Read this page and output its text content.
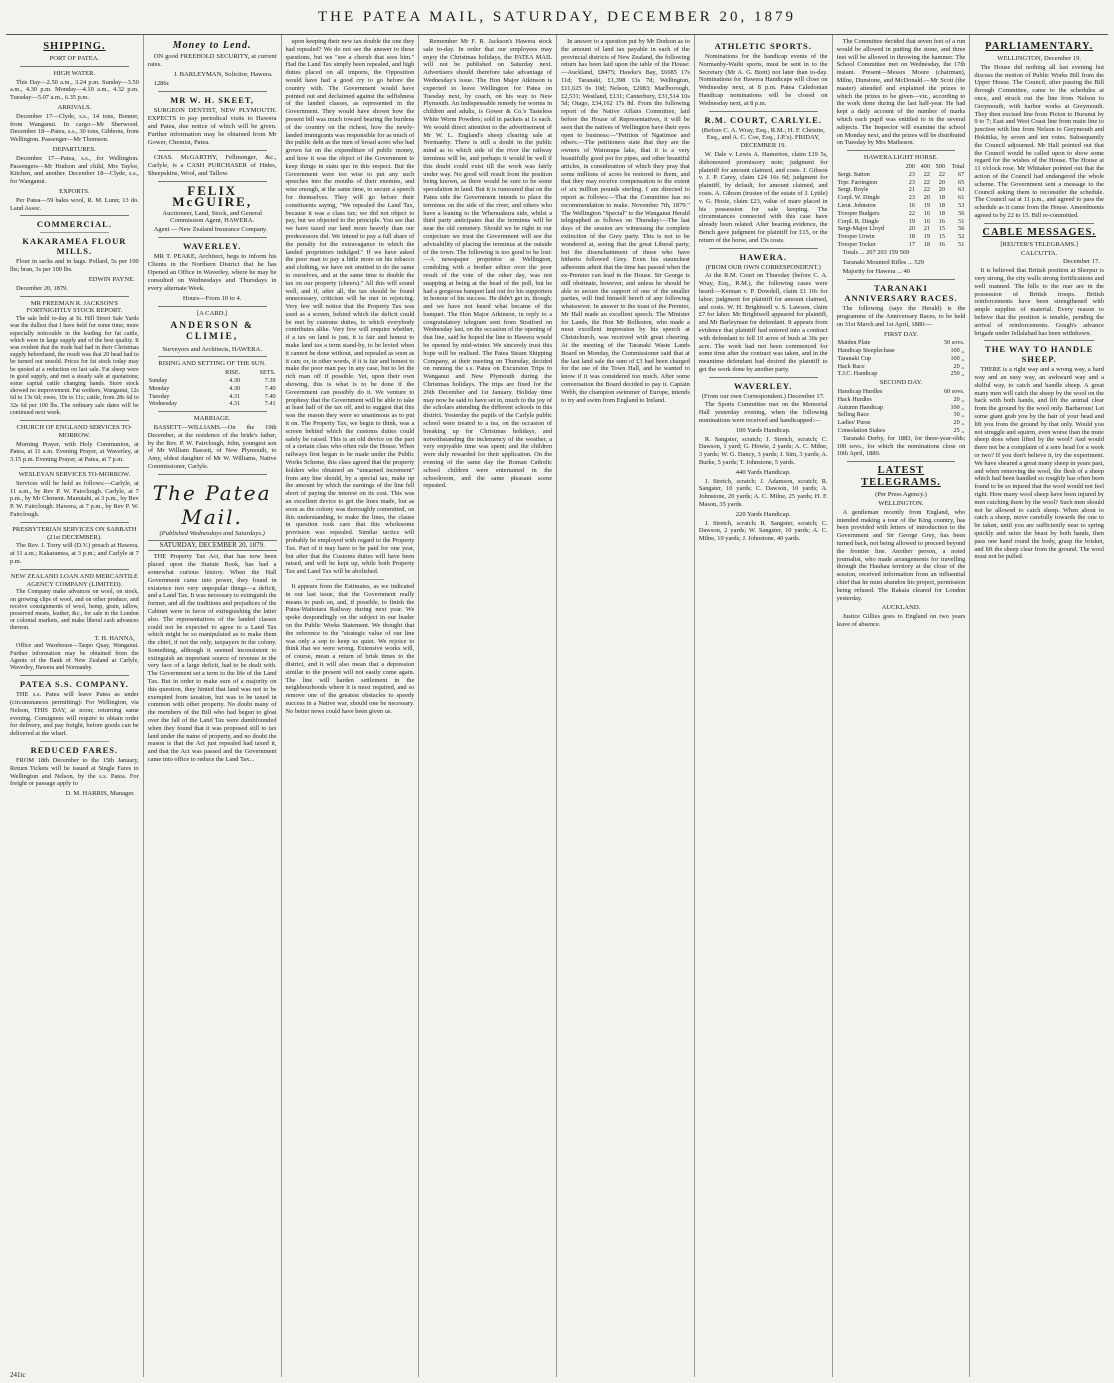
THE PATEA MAIL, SATURDAY, DECEMBER 20, 1879
SHIPPING.
PORT OF PATEA.
HIGH WATER.

This Day—2.50 a.m., 3.24 p.m. Sunday—3.50 a.m., 4.30 p.m. Monday—4.10 a.m., 4.32 p.m. Tuesday—5.07 a.m., 6.35 p.m.

ARRIVALS.

December 17—Clyde, s.s., 14 tons, Bonner, from Wanganui. In cargo—Mr Sherwood. December 18—Patea, s.s., 30 tons, Gibbons, from Wellington. Passenger—Mr Thomson.

DEPARTURES.

December 17—Patea, s.s., for Wellington. Passengers—Mr Hudson and child, Mrs Taylor, Kitchen, and another. December 18—Clyde, s.s., for Wanganui.

EXPORTS.

Per Patea—59 bales wool, R. M. Lunn; 13 do. Land Assoc.

COMMERCIAL.
KAKARAMEA FLOUR MILLS.

Flour in sacks and in bags. Pollard, 5s per 100 lbs; bran, 3s per 100 lbs.

EDWIN PAYNE.

December 20, 1879.

MR FREEMAN R. JACKSON'S FORTNIGHTLY STOCK REPORT.

The sale held to-day at St. Hill Street Sale Yards was the dullest that I have held for some time; more especially noticeable in the leading for fat cattle, which were in large supply and of the best quality. It was evident that the trade had had in their Christmas supply beforehand, the result was that 20 head had to be turned out unsold. Prices for fat stock today may be quoted at a reduction on last sale. Fat sheep were in good supply, and met a steady sale at quotations; some capital cattle changing hands. Store stock showed no improvement. Fat wethers, Wanganui, 12s 6d to 13s 6d; ewes, 10s to 11s; cattle, from 28s 6d to 32s 6d per 100 lbs. The ordinary sale dates will be continued next week.

CHURCH OF ENGLAND SERVICES TO-MORROW.

Morning Prayer, with Holy Communion, at Patea, at 11 a.m. Evening Prayer, at Waverley, at 3.15 p.m. Evening Prayer, at Patea, at 7 p.m.

WESLEYAN SERVICES TO-MORROW.

Services will be held as follows:—Carlyle, at 11 a.m., by Rev P. W. Fairclough. Carlyle, at 7 p.m., by Mr Clement. Manutahi, at 3 p.m., by Rev P. W. Fairclough. Hawera, at 7 p.m., by Rev P. W. Fairclough.

PRESBYTERIAN SERVICES ON SABBATH (21st DECEMBER).

The Rev. J. Torry will (D.V.) preach at Hawera, at 11 a.m.; Kakaramea, at 3 p.m.; and Carlyle at 7 p.m.

NEW ZEALAND LOAN AND MERCANTILE AGENCY COMPANY (LIMITED).

The Company make advances on wool, on stock, on growing clips of wool, and on other produce, and receive consignments of wool, hemp, grain, tallow, preserved meats, leather, &c., for sale in the London or colonial markets, and make liberal cash advances thereon.

T. H. HANNA,

Office and Warehouse—Taupo Quay, Wanganui. Further information may be obtained from the Agents of the Bank of New Zealand at Carlyle, Waverley, Hawera and Normanby.

PATEA S.S. COMPANY.

THE s.s. Patea will leave Patea as under (circumstances permitting): For Wellington, via Nelson, THIS DAY, at noon; returning same evening. Consignees will require to obtain order for delivery, and pay freight, before goods can be delivered at the wharf.

REDUCED FARES.

FROM 18th December to the 15th January, Return Tickets will be issued at Single Fares to Wellington and Nelson, by the s.s. Patea. For freight or passage apply to

D. M. HARRIS, Manager.
Money to Lend.

ON good FREEHOLD SECURITY, at current rates.

J. BARLEYMAN, Solicitor, Hawera.

1286c

MR W. H. SKEET,

SURGEON DENTIST, NEW PLYMOUTH. EXPECTS to pay periodical visits to Hawera and Patea, due notice of which will be given. Further information may be obtained from Mr Gower, Chemist, Patea.

CHAS. McGARTHY, Fellmonger, &c., Carlyle, is a CASH PURCHASER of Hides, Sheepskins, Wool, and Tallow.

FELIX McGUIRE,
Auctioneer, Land, Stock, and General Commission Agent, HAWERA.

Agent — New Zealand Insurance Company.

WAVERLEY.

MR T. PEAKE, Architect, begs to inform his Clients in the Northern District that he has Opened an Office in Waverley, where he may be consulted on Wednesdays and Thursdays in every alternate Week.

Hours—From 10 to 4.
[A CARD.]
ANDERSON & CLIMIE,
Surveyors and Architects, HAWERA.
RISING AND SETTING OF THE SUN.
	RISE.	SETS.
Sunday	4.30	7.39
Monday	4.30	7.40
Tuesday	4.31	7.40
Wednesday	4.31	7.41
MARRIAGE.

BASSETT—WILLIAMS.—On the 19th December, at the residence of the bride's father, by the Rev. P. W. Fairclough, John, youngest son of Mr William Bassett, of New Plymouth, to Amy, eldest daughter of Mr W. Williams, Native Commissioner, Carlyle.

The Patea Mail.
(Published Wednesdays and Saturdays.)
SATURDAY, DECEMBER 20, 1879.

THE Property Tax Act, that has now been placed upon the Statute Book, has had a somewhat curious history. When the Hall Government came into power, they found in existence two very unpopular things—a deficit, and a Land Tax. It was necessary to extinguish the former, and all the traditions and prejudices of the Cabinet were in favor of extinguishing the latter also. The representatives of the landed classes could not be expected to agree to a Land Tax which might be so manipulated as to make them the chief, if not the only, taxpayers in the colony. Something, although it seemed inconsistent to extinguish an important source of revenue in the very face of a large deficit, had to be dealt with. The Government set a term to the life of the Land Tax. But in order to make sure of a majority on this question, they hinted that land was not to be exempted from taxation, but was to be taxed in common with other property. No doubt many of the members of the Bill who had begun to gloat over the fall of the Land Tax were dumbfounded when they found that it was proposed still to tax land under the name of property, and no doubt the reason is that the Act just repealed had taxed it, and that the Act was passed and the Government came into office to reduce the Land Tax...

upon keeping their new tax double the one they had repealed? We do not see the answer to these questions, but we "see a cherub that sees him." Had the Land Tax simply been repealed, and high duties placed on all imports, the Opposition would have had a good cry to go before the country with. The Government would have pointed out and declaimed against the selfishness of the landed classes, as represented in the Government. They would have shown how the present bill was much toward bearing the burdens of the country on the richest, how the newly-landed immigrants was responsible for as much of the public debt as the men of broad acres who had grown fat on the expenditure of public money, and how it was the object of the Government to keep things in statu quo in this respect. But the Government were too wise to put any such speeches into the mouths of their enemies, and wise enough, at the same time, to secure a speech for themselves. They will go before their constituents saying, "We repealed the Land Tax, because it was a class tax; we did not object to pay, but we objected to the principle. You see that we have taxed our land more heavily than our predecessors did. We intend to pay a full share of the penalty for the extravagance in which the landed proprietors indulged." If we have asked the poor man to pay a little more on his tobacco and clothing, we have not omitted to do the same to ourselves, and at the same time to double the tax on our property (cheers)." All this will sound well, and if, after all, the tax should be found unnecessary, criticism will be met in rejoicing. Very few will notice that the Property Tax was used as a screen, behind which the deficit could be met by customs duties, to which everybody contributes alike. Very few will enquire whether, if a tax on land is just, it is fair and honest to make land tax a term stand-by, to be levied when it cannot be done without, and repealed as soon as it can; or, in other words, if it is fair and honest to make the poor man pay in any case, but to let the rich man off if possible. Yet, upon their own showing, this is what is to be done if the Government can possibly do it. We venture to prophesy that the Government will be able to take at least half of the tax off, and to suggest that this was the reason they were so unanimous as to put it on. The Property Tax, we begin to think, was a screen behind which the customs duties could safely be raised. This is an old device on the part of a certain class who often rule the House. When railways first began to be made under the Public Works Scheme, this class agreed that the property holders who obtained an "unearned increment" from any line should, by a special tax, make up the amount by which the earnings of the line fell short of paying the interest on its cost. This was an excellent device to get the lines made, but as soon as the colony was thoroughly committed, on this understanding, to make the lines, the clause in question took care that this wholesome provision was repealed. Similar tactics will probably be employed with regard to the Property Tax. Part of it may have to be paid for one year, but after that the Customs duties will have been raised, and will be kept up, while both Property Tax and Land Tax will be abolished.

It appears from the Estimates, as we indicated in our last issue, that the Government really means to push on, and, if possible, to finish the Patea-Waitotara Railway during next year. We spoke despondingly on the subject in our leader on the Public Works Statement. We thought that the reference to the "strategic value of our line was only a sop to keep us quiet. We rejoice to think that we were wrong. Extensive works will, of course, mean a return of brisk times to the district, and it will also mean that a depression similar to the present will not easily come again. The line will harden settlement in the neighbourhoods where it is most required, and so remove one of the greatest obstacles to speedy success in a Native war, should one be necessary. No better news could have been given us.

Remember Mr F. R. Jackson's Hawera stock sale to-day. In order that our employees may enjoy the Christmas holidays, the PATEA MAIL will not be published on Saturday next. Advertisers should therefore take advantage of Wednesday's issue. The Hon Major Atkinson is expected to leave Wellington for Patea on Tuesday next, by coach, on his way to New Plymouth. An indispensable remedy for worms in children and adults, is Gower & Co.'s Tasteless White Worm Powders; sold in packets at 1s each. We would direct attention to the advertisement of Mr W. L. England's sheep clearing sale at Normanby. There is still a doubt in the public mind as to which side of the river the railway terminus will be, and perhaps it would be well if this doubt could exist till the work was fairly under way. No good will result from the position being known, as there would be sure to be some speculation in land. But it is rumoured that on the Patea side the Government intends to place the terminus on the side of the river, and others who have a leaning to the Whenuakura side, whilst a third party anticipates that the terminus will be near the old cemetery. Should we be right in our conjecture we trust the Government will see the advisability of placing the terminus at the outside of the town. The following is too good to be lost:—A newspaper proprietor at Wellington, condoling with a brother editor over the poor result of the vote of the other day, was not snapping at being at the head of the poll, but he had a gorgeous banquet laid out for his supporters in honour of his success. He didn't get in, though; and we have not heard what became of the banquet. The Hon Major Atkinson, in reply to a congratulatory telegram sent from Stratford on Wednesday last, on the occasion of the opening of that line, said he hoped the line to Hawera would be opened by mid-winter. We sincerely trust this hope will be realised. The Patea Steam Shipping Company, at their meeting on Thursday, decided on running the s.s. Patea on Excursion Trips to Wanganui and New Plymouth during the Christmas holidays. The trips are fixed for the 26th December and 1st January. Holiday time may now be said to have set in, much to the joy of the scholars attending the different schools in this district. Yesterday the pupils of the Carlyle public school were treated to a tea, on the occasion of breaking up for Christmas holidays, and notwithstanding the inclemency of the weather, a very enjoyable time was spent; and the children were duly rewarded for their application. On the evening of the same day the Roman Catholic school children were entertained in the schoolroom, and the same pleasant scene repeated.

In answer to a question put by Mr Dodson as to the amount of land tax payable in each of the provincial districts of New Zealand, the following return has been laid upon the table of the House:—Auckland, £8475; Hawke's Bay, £6685 17s 11d; Taranaki, £1,398 13s 7d; Wellington, £11,625 0s 10d; Nelson, £2083; Marlborough, £2,531; Westland, £131; Canterbury, £31,514 10s 5d; Otago, £34,162 17s 8d. From the following report of the Native Affairs Committee, laid before the House of Representatives, it will be seen that the natives of Wellington have their eyes open to business:—"Petition of Ngatimoe and others.—The petitioners state that they are the owners of Wairarapa lake, that it is a very beautifully good pot for pipes, and other beautiful articles, in consideration of which they pray that some millions of acres be restored to them, and that they may receive compensation to the extent of six million pounds sterling. I am directed to report as follows:—That the Committee has no recommendation to make. November 7th, 1879." The Wellington "Special" to the Wanganui Herald telegraphed as follows on Thursday:—The last days of the session are witnessing the complete extinction of the Grey party. This is not to be wondered at, seeing that the great Liberal party, but the disenchantment of those who have hitherto followed Grey. Even his staunchest adherents admit that the time has passed when the ex-Premier can lead in the House. Sir George is still obstinate, however, and unless he should be able to secure the support of one of the smaller parties, will find himself bereft of any following whatsoever. In answer to the toast of the Premier, Mr Hall made an excellent speech. The Minister for Lands, the Hon Mr Rolleston, who made a most excellent impression by his speech at Christchurch, was received with great cheering. At the meeting of the Taranaki Waste Lands Board on Monday, the Commissioner said that at the last land sale the sum of £3 had been charged for the use of the Town Hall, and he wanted to know if it was considered too much. After some conversation the Board decided to pay it. Captain Webb, the champion swimmer of Europe, intends to try and swim from England to Ireland.

ATHLETIC SPORTS.

Nominations for the handicap events of the Normanby-Waihi sports, must be sent in to the Secretary (Mr A. G. Brett) not later than to-day. Nominations for Hawera Handicaps will close on Wednesday next, at 8 p.m. Patea Caledonian Handicap nominations will be closed on Wednesday next, at 8 p.m.

R.M. COURT, CARLYLE.
(Before C. A. Wray, Esq., R.M.; H. F. Christie, Esq., and A. C. Coe, Esq., J.P.'s). FRIDAY, DECEMBER 19.

W. Dale v. Lewis A. Hamerton, claim £19 5s, dishonoured promissory note; judgment for plaintiff for amount claimed, and costs. J. Gibson v. J. P. Carey, claim £24 16s 6d; judgment for plaintiff, by default, for amount claimed, and costs. A. Gibson (trustee of the estate of J. Lyttle) v. G. Hosie, claim £23, value of mare placed in his possession for sale keeping. The circumstances connected with this case have already been related. After hearing evidence, the Bench gave judgment for plaintiff for £15, or the return of the horse, and 15s costs.

HAWERA.
(FROM OUR OWN CORRESPONDENT.)

At the R.M. Court on Thursday (before C. A. Wray, Esq., R.M.), the following cases were heard:—Kennan v. P. Dowdell, claim £1 10s for labor; judgment for plaintiff for amount claimed, and costs. W. H. Brightwell v. S. Lawson, claim £7 for labor. Mr Brightwell appeared for plaintiff, and Mr Barleyman for defendant. It appears from evidence that plaintiff had entered into a contract with defendant to fell 10 acres of bush at 30s per acre. The work had not been commenced for some time after the contract was taken, and in the meantime defendant had desired the plaintiff to get the work done by another party.

WAVERLEY.
(From our own Correspondent.) December 17.

The Sports Committee met on the Memorial Hall yesterday evening, when the following nominations were received and handicapped:—

100 Yards Handicap.

R. Sangster, scratch; J. Stretch, scratch; C. Dawson, 1 yard; G. Howie, 2 yards; A. C. Milne, 3 yards; W. G. Dancy, 3 yards; J. Sim, 3 yards; A. Burke, 5 yards; T. Johnstone, 5 yards.

440 Yards Handicap.

J. Stretch, scratch; J. Adamson, scratch; R. Sangster, 10 yards; C. Dawson, 10 yards; A. Johnstone, 20 yards; A. C. Milne, 25 yards; H. F. Mason, 35 yards.

220 Yards Handicap.

J. Stretch, scratch; R. Sangster, scratch; C. Dawson, 2 yards; W. Sangster, 10 yards; A. C. Milne, 10 yards; J. Johnstone, 40 yards.

The Committee decided that seven feet of a run would be allowed in putting the stone, and three feet will be allowed in throwing the hammer. The School Committee met on Wednesday, the 17th instant. Present—Messrs Moore (chairman), Milne, Dunstone, and McDonald.—Mr Scott (the master) attended and explained the prizes to which the prizes to be given—viz., according to the work done during the last half-year. He had kept a daily account of the number of marks which each pupil was entitled to in the several subjects. The Inspector will examine the school on Monday next, and the prizes will be distributed on Tuesday by Mrs Matheson.

HAWERA LIGHT HORSE.
	200	400	500	Total
Sergt. Sutton	23	22	22	67
Trpr. Farrington	23	22	20	65
Sergt. Boyle	21	22	20	63
Corpl. W. Dingle	23	20	18	61
Lieut. Johnston	16	19	18	53
Trooper Budgers	22	16	18	56
Corpl. R. Dingle	19	16	16	51
Sergt-Major Lloyd	20	21	15	56
Trooper Urwin	18	19	15	52
Trooper Tocker	17	18	16	51

Totals ... 207 203 159 569

Taranaki Mounted Rifles ... 529

Majority for Hawera ... 40

TARANAKI ANNIVERSARY RACES.

The following (says the Herald) is the programme of the Anniversary Races, to be held on 31st March and 1st April, 1880:—

FIRST DAY.
Maiden Plate	50 sovs.
Handicap Steeplechase	100 ,,
Taranaki Cup	100 ,,
Hack Race	20 ,,
T.J.C. Handicap	250 ,,
SECOND DAY.
Handicap Hurdles	60 sovs.
Hack Hurdles	20 ,,
Autumn Handicap	100 ,,
Selling Race	30 ,,
Ladies' Purse	20 ,,
Consolation Stakes	25 ,,

Taranaki Derby, for 1883, for three-year-olds; 100 sovs., for which the nominations close on 10th April, 1880.

LATEST TELEGRAMS.
(Per Press Agency.)
WELLINGTON.

A gentleman recently from England, who intended making a tour of the King country, has been provided with letters of introduction to the Government and Sir George Grey, has been turned back, not being allowed to proceed beyond the frontier line. Another person, a noted journalist, who made arrangements for travelling through the Hauhau territory at the close of the session, received information from an influential chief that he must abandon his project, permission being refused. The Rakaia cleared for London yesterday.

AUCKLAND.

Justice Gillies goes to England on two years leave of absence.

PARLIAMENTARY.
WELLINGTON, December 19.

The House did nothing all last evening but discuss the motion of Public Works Bill from the Upper House. The Council, after passing the Bill through Committee, came to the schedules at once, and struck out the line from Nelson to Greymouth, with harbor works at Greymouth. They then excised line from Picton to Hurunui by 9 to 7; East and West Coast line from main line to junction with line from Nelson to Greymouth and Hokitika, by seven and ten votes. Subsequently the Council adjourned. Mr Hall pointed out that the Council would be called upon to show some regard for the wishes of the House. The House at 11 o'clock rose. Mr Whitaker pointed out that the action of the Council had endangered the whole scheme. The Government sent a message to the Council asking them to reconsider the schedule. The Council sat at 11 p.m., and agreed to pass the schedule as it came from the House. Amendments agreed to by 22 to 15. Bill re-committed.

CABLE MESSAGES.
[REUTER'S TELEGRAMS.]
CALCUTTA.
December 17.

It is believed that British position at Sherpur is very strong, the city walls strong fortifications and well manned. The hills to the rear are in the possession of British troops. British reinforcements have been strengthened with ample supplies of material. Every reason to believe that the position is tenable, pending the arrival of reinforcements. Gough's advance brigade under Jellalabad has been withdrawn.

THE WAY TO HANDLE SHEEP.

THERE is a right way and a wrong way, a hard way and an easy way, an awkward way and a skilful way, to catch and handle sheep. A great many men will catch the sheep by the wool on the back with both hands, and lift the animal clear from the ground by the wool only. Barbarous! Let some giant grab you by the hair of your head and lift you from the ground by that only. Would you not struggle and squirm, even worse than the mute sheep does when lifted by the wool? And would there not be a complaint of a sore head for a week or two? If you don't believe it, try the experiment. We have sheared a great many sheep in years past, and when removing the wool, the flesh of a sheep which had been handled so roughly has often been found to be so injured that the wool would not feel right. How many wool sheep have been injured by men catching them by the wool? Such men should not be allowed to catch sheep. When about to catch a sheep, move carefully towards the one to be taken, until you are sufficiently near to spring quickly and seize the beast by both hands, then pass one hand round the body, grasp the brisket, and lift the sheep clear from the ground. The wool must not be pulled.

241tc
